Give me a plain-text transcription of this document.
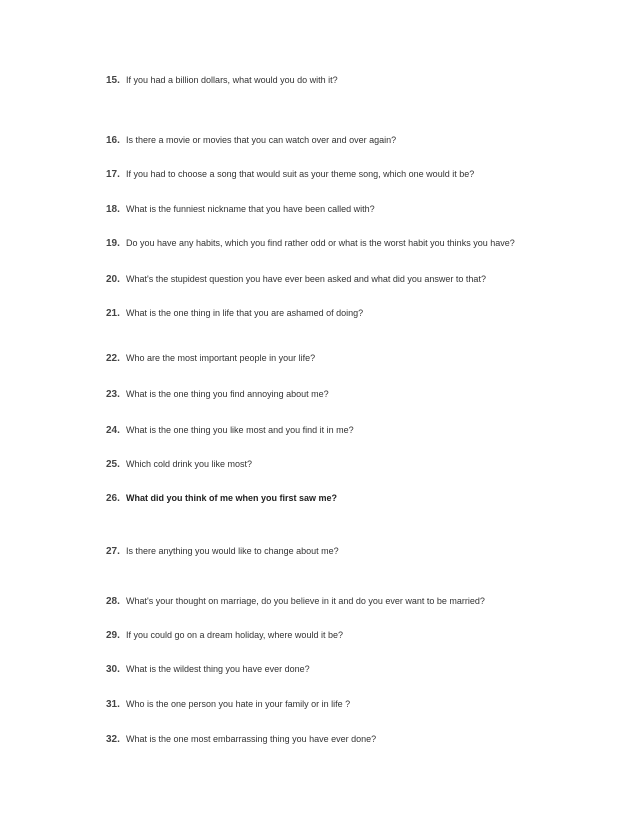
15. If you had a billion dollars, what would you do with it?
16. Is there a movie or movies that you can watch over and over again?
17. If you had to choose a song that would suit as your theme song, which one would it be?
18. What is the funniest nickname that you have been called with?
19. Do you have any habits, which you find rather odd or what is the worst habit you thinks you have?
20. What's the stupidest question you have ever been asked and what did you answer to that?
21. What is the one thing in life that you are ashamed of doing?
22. Who are the most important people in your life?
23. What is the one thing you find annoying about me?
24. What is the one thing you like most and you find it in me?
25. Which cold drink you like most?
26. What did you think of me when you first saw me?
27. Is there anything you would like to change about me?
28. What's your thought on marriage, do you believe in it and do you ever want to be married?
29. If you could go on a dream holiday, where would it be?
30. What is the wildest thing you have ever done?
31. Who is the one person you hate in your family or in life ?
32. What is the one most embarrassing thing you have ever done?
